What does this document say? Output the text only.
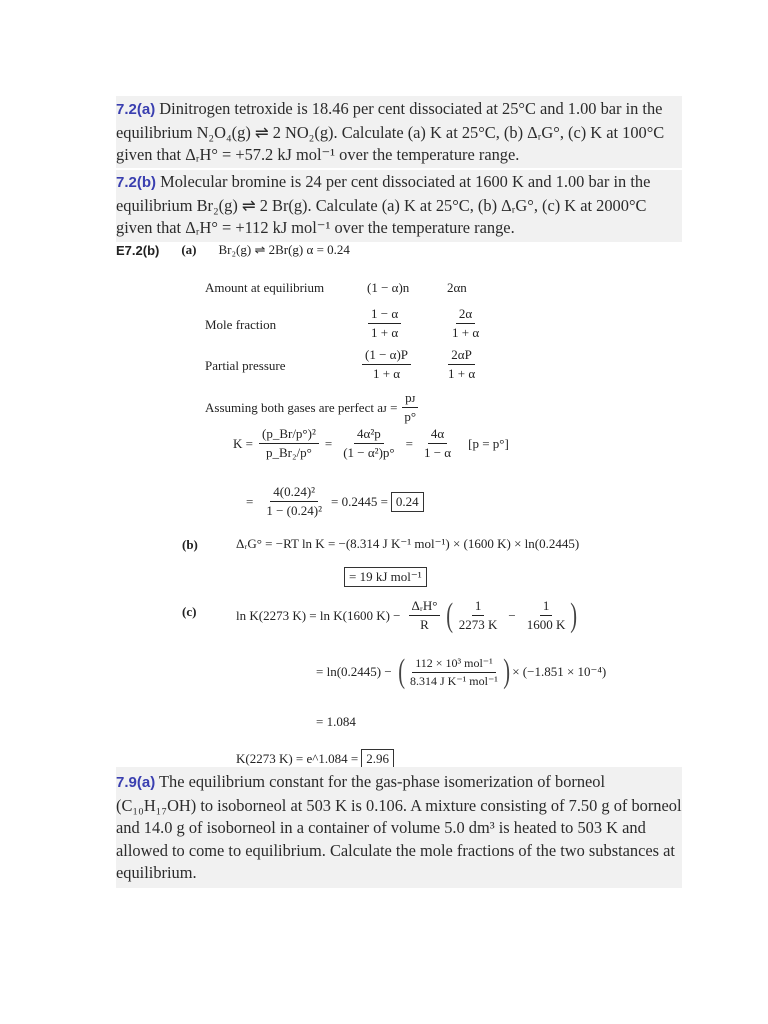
7.2(a) Dinitrogen tetroxide is 18.46 per cent dissociated at 25°C and 1.00 bar in the equilibrium N₂O₄(g) ⇌ 2 NO₂(g). Calculate (a) K at 25°C, (b) ΔᵣG°, (c) K at 100°C given that ΔᵣH° = +57.2 kJ mol⁻¹ over the temperature range.
7.2(b) Molecular bromine is 24 per cent dissociated at 1600 K and 1.00 bar in the equilibrium Br₂(g) ⇌ 2 Br(g). Calculate (a) K at 25°C, (b) ΔᵣG°, (c) K at 2000°C given that ΔᵣH° = +112 kJ mol⁻¹ over the temperature range.
E7.2(b) (a) Br₂(g) ⇌ 2Br(g) α = 0.24
Amount at equilibrium	(1 − α)n	2αn
Mole fraction	$\frac{1 - \alpha}{1 + \alpha}$	$\frac{2\alpha}{1 + \alpha}$
Partial pressure	$\frac{(1 - \alpha)P}{1 + \alpha}$	$\frac{2\alpha P}{1 + \alpha}$
Assuming both gases are perfect aᴊ = $\frac{\text{pᴊ}}{p^\circ}$
$K = \frac{\text{(p\_Br/p°)²}}{\text{p\_Br₂/p°}} = \frac{\text{4α²p}}{\text{(1 − α²)p°}} = \frac{4\alpha}{1 - \alpha} [p = p^\circ]$
= $\frac{\text{4(0.24)²}}{\text{1 − (0.24)²}} = 0.2445 = 0.24$
(b)	ΔᵣG° = −RT ln K = −(8.314 J K⁻¹ mol⁻¹) × (1600 K) × ln(0.2445)
= 19 kJ mol⁻¹
(c)	ln K(2273 K) = ln K(1600 $K) - \frac{\text{ΔᵣH°}}{R}$ ( $\frac{1}{2273 K} - \frac{1}{1600 K}$ )
= ln(0.2445) − ( $\frac{\text{112 × 10³ mol⁻¹}}{\text{8.314 J K⁻¹ mol⁻¹}}$ ) × (−1.851 × 10⁻⁴)
= 1.084
K(2273 K) = e^1.084 = 2.96
7.9(a) The equilibrium constant for the gas-phase isomerization of borneol (C₁₀H₁₇OH) to isoborneol at 503 K is 0.106. A mixture consisting of 7.50 g of borneol and 14.0 g of isoborneol in a container of volume 5.0 dm³ is heated to 503 K and allowed to come to equilibrium. Calculate the mole fractions of the two substances at equilibrium.
